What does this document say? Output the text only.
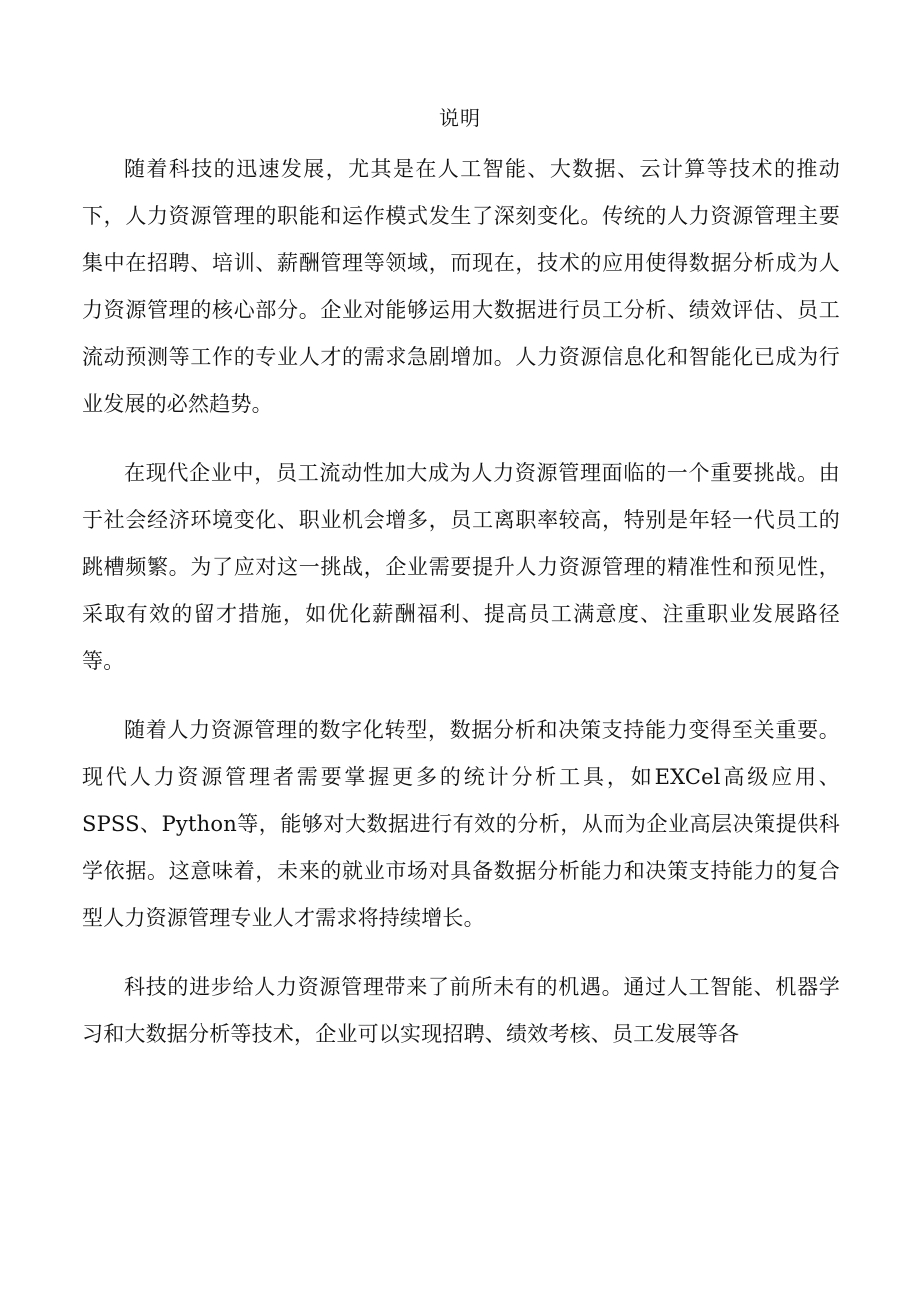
说明

随着科技的迅速发展，尤其是在人工智能、大数据、云计算等技术的推动下，人力资源管理的职能和运作模式发生了深刻变化。传统的人力资源管理主要集中在招聘、培训、薪酬管理等领域，而现在，技术的应用使得数据分析成为人力资源管理的核心部分。企业对能够运用大数据进行员工分析、绩效评估、员工流动预测等工作的专业人才的需求急剧增加。人力资源信息化和智能化已成为行业发展的必然趋势。

在现代企业中，员工流动性加大成为人力资源管理面临的一个重要挑战。由于社会经济环境变化、职业机会增多，员工离职率较高，特别是年轻一代员工的跳槽频繁。为了应对这一挑战，企业需要提升人力资源管理的精准性和预见性，采取有效的留才措施，如优化薪酬福利、提高员工满意度、注重职业发展路径等。

随着人力资源管理的数字化转型，数据分析和决策支持能力变得至关重要。现代人力资源管理者需要掌握更多的统计分析工具，如EXCel高级应用、SPSS、Python等，能够对大数据进行有效的分析，从而为企业高层决策提供科学依据。这意味着，未来的就业市场对具备数据分析能力和决策支持能力的复合型人力资源管理专业人才需求将持续增长。

科技的进步给人力资源管理带来了前所未有的机遇。通过人工智能、机器学习和大数据分析等技术，企业可以实现招聘、绩效考核、员工发展等各
